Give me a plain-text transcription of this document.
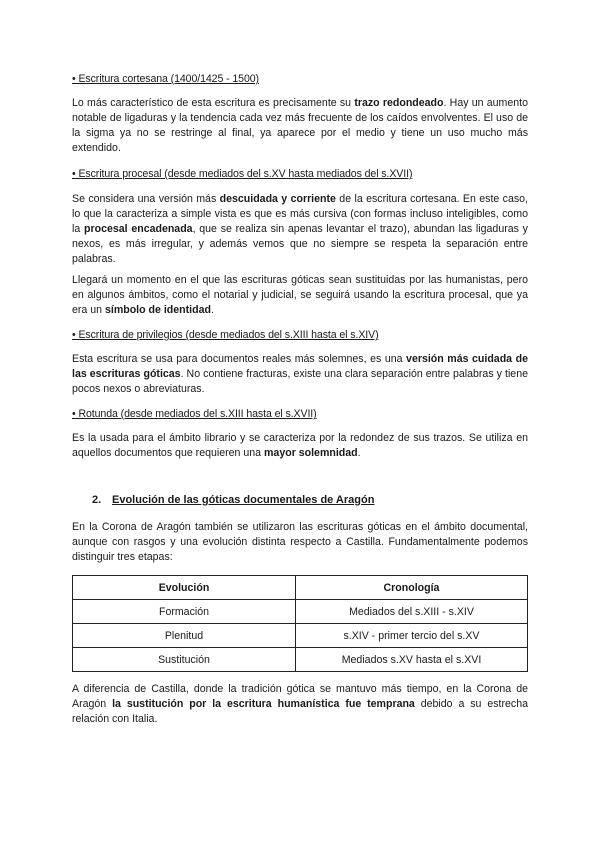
• Escritura cortesana (1400/1425 - 1500)

Lo más característico de esta escritura es precisamente su trazo redondeado. Hay un aumento notable de ligaduras y la tendencia cada vez más frecuente de los caídos envolventes. El uso de la sigma ya no se restringe al final, ya aparece por el medio y tiene un uso mucho más extendido.

• Escritura procesal (desde mediados del s.XV hasta mediados del s.XVII)

Se considera una versión más descuidada y corriente de la escritura cortesana. En este caso, lo que la caracteriza a simple vista es que es más cursiva (con formas incluso inteligibles, como la procesal encadenada, que se realiza sin apenas levantar el trazo), abundan las ligaduras y nexos, es más irregular, y además vemos que no siempre se respeta la separación entre palabras.

Llegará un momento en el que las escrituras góticas sean sustituidas por las humanistas, pero en algunos ámbitos, como el notarial y judicial, se seguirá usando la escritura procesal, que ya era un símbolo de identidad.

• Escritura de privilegios (desde mediados del s.XIII hasta el s.XIV)

Esta escritura se usa para documentos reales más solemnes, es una versión más cuidada de las escrituras góticas. No contiene fracturas, existe una clara separación entre palabras y tiene pocos nexos o abreviaturas.

• Rotunda (desde mediados del s.XIII hasta el s.XVII)

Es la usada para el ámbito librario y se caracteriza por la redondez de sus trazos. Se utiliza en aquellos documentos que requieren una mayor solemnidad.

2. Evolución de las góticas documentales de Aragón

En la Corona de Aragón también se utilizaron las escrituras góticas en el ámbito documental, aunque con rasgos y una evolución distinta respecto a Castilla. Fundamentalmente podemos distinguir tres etapas:

Evolución	Cronología
Formación	Mediados del s.XIII - s.XIV
Plenitud	s.XIV - primer tercio del s.XV
Sustitución	Mediados s.XV hasta el s.XVI

A diferencia de Castilla, donde la tradición gótica se mantuvo más tiempo, en la Corona de Aragón la sustitución por la escritura humanística fue temprana debido a su estrecha relación con Italia.
